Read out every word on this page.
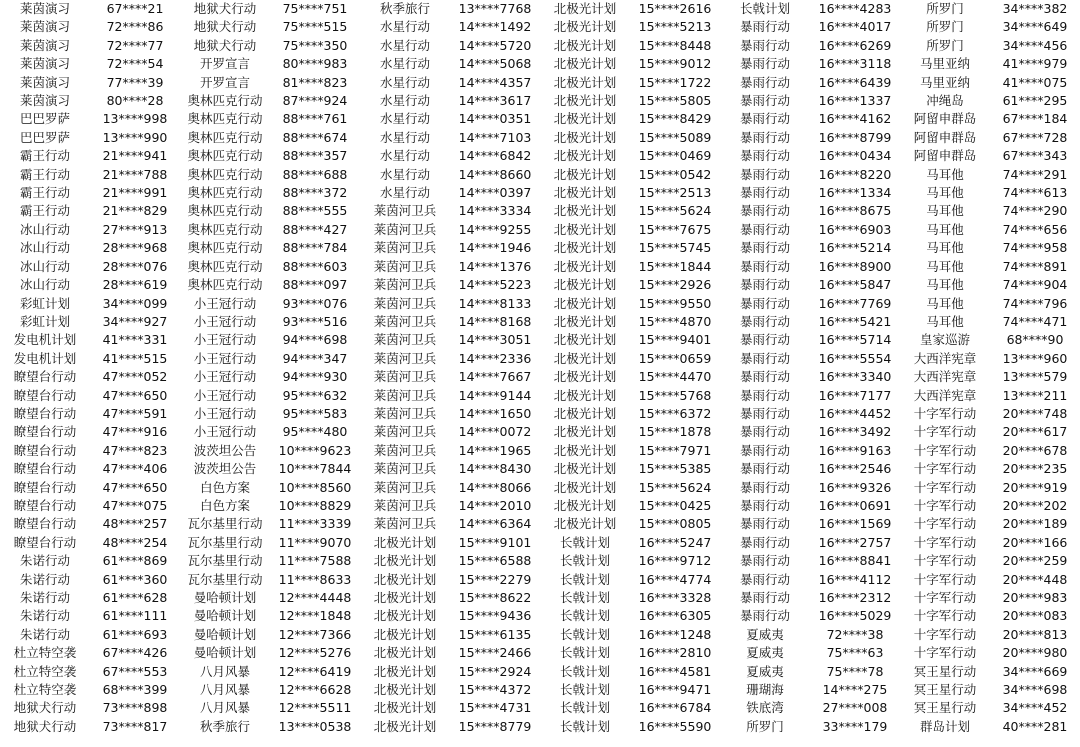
莱茵演习	67****21	地狱犬行动	75****751	秋季旅行	13****7768	北极光计划	15****2616	长戟计划	16****4283	所罗门	34****382
莱茵演习	72****86	地狱犬行动	75****515	水星行动	14****1492	北极光计划	15****5213	暴雨行动	16****4017	所罗门	34****649
莱茵演习	72****77	地狱犬行动	75****350	水星行动	14****5720	北极光计划	15****8448	暴雨行动	16****6269	所罗门	34****456
莱茵演习	72****54	开罗宣言	80****983	水星行动	14****5068	北极光计划	15****9012	暴雨行动	16****3118	马里亚纳	41****979
莱茵演习	77****39	开罗宣言	81****823	水星行动	14****4357	北极光计划	15****1722	暴雨行动	16****6439	马里亚纳	41****075
莱茵演习	80****28	奥林匹克行动	87****924	水星行动	14****3617	北极光计划	15****5805	暴雨行动	16****1337	冲绳岛	61****295
巴巴罗萨	13****998	奥林匹克行动	88****761	水星行动	14****0351	北极光计划	15****8429	暴雨行动	16****4162	阿留申群岛	67****184
巴巴罗萨	13****990	奥林匹克行动	88****674	水星行动	14****7103	北极光计划	15****5089	暴雨行动	16****8799	阿留申群岛	67****728
霸王行动	21****941	奥林匹克行动	88****357	水星行动	14****6842	北极光计划	15****0469	暴雨行动	16****0434	阿留申群岛	67****343
霸王行动	21****788	奥林匹克行动	88****688	水星行动	14****8660	北极光计划	15****0542	暴雨行动	16****8220	马耳他	74****291
霸王行动	21****991	奥林匹克行动	88****372	水星行动	14****0397	北极光计划	15****2513	暴雨行动	16****1334	马耳他	74****613
霸王行动	21****829	奥林匹克行动	88****555	莱茵河卫兵	14****3334	北极光计划	15****5624	暴雨行动	16****8675	马耳他	74****290
冰山行动	27****913	奥林匹克行动	88****427	莱茵河卫兵	14****9255	北极光计划	15****7675	暴雨行动	16****6903	马耳他	74****656
冰山行动	28****968	奥林匹克行动	88****784	莱茵河卫兵	14****1946	北极光计划	15****5745	暴雨行动	16****5214	马耳他	74****958
冰山行动	28****076	奥林匹克行动	88****603	莱茵河卫兵	14****1376	北极光计划	15****1844	暴雨行动	16****8900	马耳他	74****891
冰山行动	28****619	奥林匹克行动	88****097	莱茵河卫兵	14****5223	北极光计划	15****2926	暴雨行动	16****5847	马耳他	74****904
彩虹计划	34****099	小王冠行动	93****076	莱茵河卫兵	14****8133	北极光计划	15****9550	暴雨行动	16****7769	马耳他	74****796
彩虹计划	34****927	小王冠行动	93****516	莱茵河卫兵	14****8168	北极光计划	15****4870	暴雨行动	16****5421	马耳他	74****471
发电机计划	41****331	小王冠行动	94****698	莱茵河卫兵	14****3051	北极光计划	15****9401	暴雨行动	16****5714	皇家巡游	68****90
发电机计划	41****515	小王冠行动	94****347	莱茵河卫兵	14****2336	北极光计划	15****0659	暴雨行动	16****5554	大西洋宪章	13****960
瞭望台行动	47****052	小王冠行动	94****930	莱茵河卫兵	14****7667	北极光计划	15****4470	暴雨行动	16****3340	大西洋宪章	13****579
瞭望台行动	47****650	小王冠行动	95****632	莱茵河卫兵	14****9144	北极光计划	15****5768	暴雨行动	16****7177	大西洋宪章	13****211
瞭望台行动	47****591	小王冠行动	95****583	莱茵河卫兵	14****1650	北极光计划	15****6372	暴雨行动	16****4452	十字军行动	20****748
瞭望台行动	47****916	小王冠行动	95****480	莱茵河卫兵	14****0072	北极光计划	15****1878	暴雨行动	16****3492	十字军行动	20****617
瞭望台行动	47****823	波茨坦公告	10****9623	莱茵河卫兵	14****1965	北极光计划	15****7971	暴雨行动	16****9163	十字军行动	20****678
瞭望台行动	47****406	波茨坦公告	10****7844	莱茵河卫兵	14****8430	北极光计划	15****5385	暴雨行动	16****2546	十字军行动	20****235
瞭望台行动	47****650	白色方案	10****8560	莱茵河卫兵	14****8066	北极光计划	15****5624	暴雨行动	16****9326	十字军行动	20****919
瞭望台行动	47****075	白色方案	10****8829	莱茵河卫兵	14****2010	北极光计划	15****0425	暴雨行动	16****0691	十字军行动	20****202
瞭望台行动	48****257	瓦尔基里行动	11****3339	莱茵河卫兵	14****6364	北极光计划	15****0805	暴雨行动	16****1569	十字军行动	20****189
瞭望台行动	48****254	瓦尔基里行动	11****9070	北极光计划	15****9101	长戟计划	16****5247	暴雨行动	16****2757	十字军行动	20****166
朱诺行动	61****869	瓦尔基里行动	11****7588	北极光计划	15****6588	长戟计划	16****9712	暴雨行动	16****8841	十字军行动	20****259
朱诺行动	61****360	瓦尔基里行动	11****8633	北极光计划	15****2279	长戟计划	16****4774	暴雨行动	16****4112	十字军行动	20****448
朱诺行动	61****628	曼哈顿计划	12****4448	北极光计划	15****8622	长戟计划	16****3328	暴雨行动	16****2312	十字军行动	20****983
朱诺行动	61****111	曼哈顿计划	12****1848	北极光计划	15****9436	长戟计划	16****6305	暴雨行动	16****5029	十字军行动	20****083
朱诺行动	61****693	曼哈顿计划	12****7366	北极光计划	15****6135	长戟计划	16****1248	夏威夷	72****38	十字军行动	20****813
杜立特空袭	67****426	曼哈顿计划	12****5276	北极光计划	15****2466	长戟计划	16****2810	夏威夷	75****63	十字军行动	20****980
杜立特空袭	67****553	八月风暴	12****6419	北极光计划	15****2924	长戟计划	16****4581	夏威夷	75****78	冥王星行动	34****669
杜立特空袭	68****399	八月风暴	12****6628	北极光计划	15****4372	长戟计划	16****9471	珊瑚海	14****275	冥王星行动	34****698
地狱犬行动	73****898	八月风暴	12****5511	北极光计划	15****4731	长戟计划	16****6784	铁底湾	27****008	冥王星行动	34****452
地狱犬行动	73****817	秋季旅行	13****0538	北极光计划	15****8779	长戟计划	16****5590	所罗门	33****179	群岛计划	40****281
